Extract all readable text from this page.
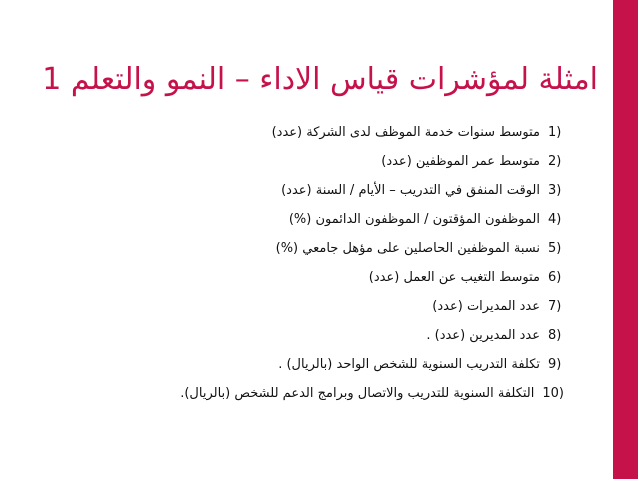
44
امثلة لمؤشرات قياس الاداء – النمو والتعلم 1
1)
متوسط سنوات خدمة الموظف لدى الشركة (عدد)
2)
متوسط عمر الموظفين (عدد)
3)
الوقت المنفق في التدريب – الأيام / السنة (عدد)
4)
الموظفون المؤقتون / الموظفون الدائمون (%)
5)
نسبة الموظفين الحاصلين على مؤهل جامعي (%)
6)
متوسط التغيب عن العمل (عدد)
7)
عدد المديرات (عدد)
8)
عدد المديرين (عدد) .
9)
تكلفة التدريب السنوية للشخص الواحد (بالريال) .
10)
التكلفة السنوية للتدريب والاتصال وبرامج الدعم للشخص (بالريال).
